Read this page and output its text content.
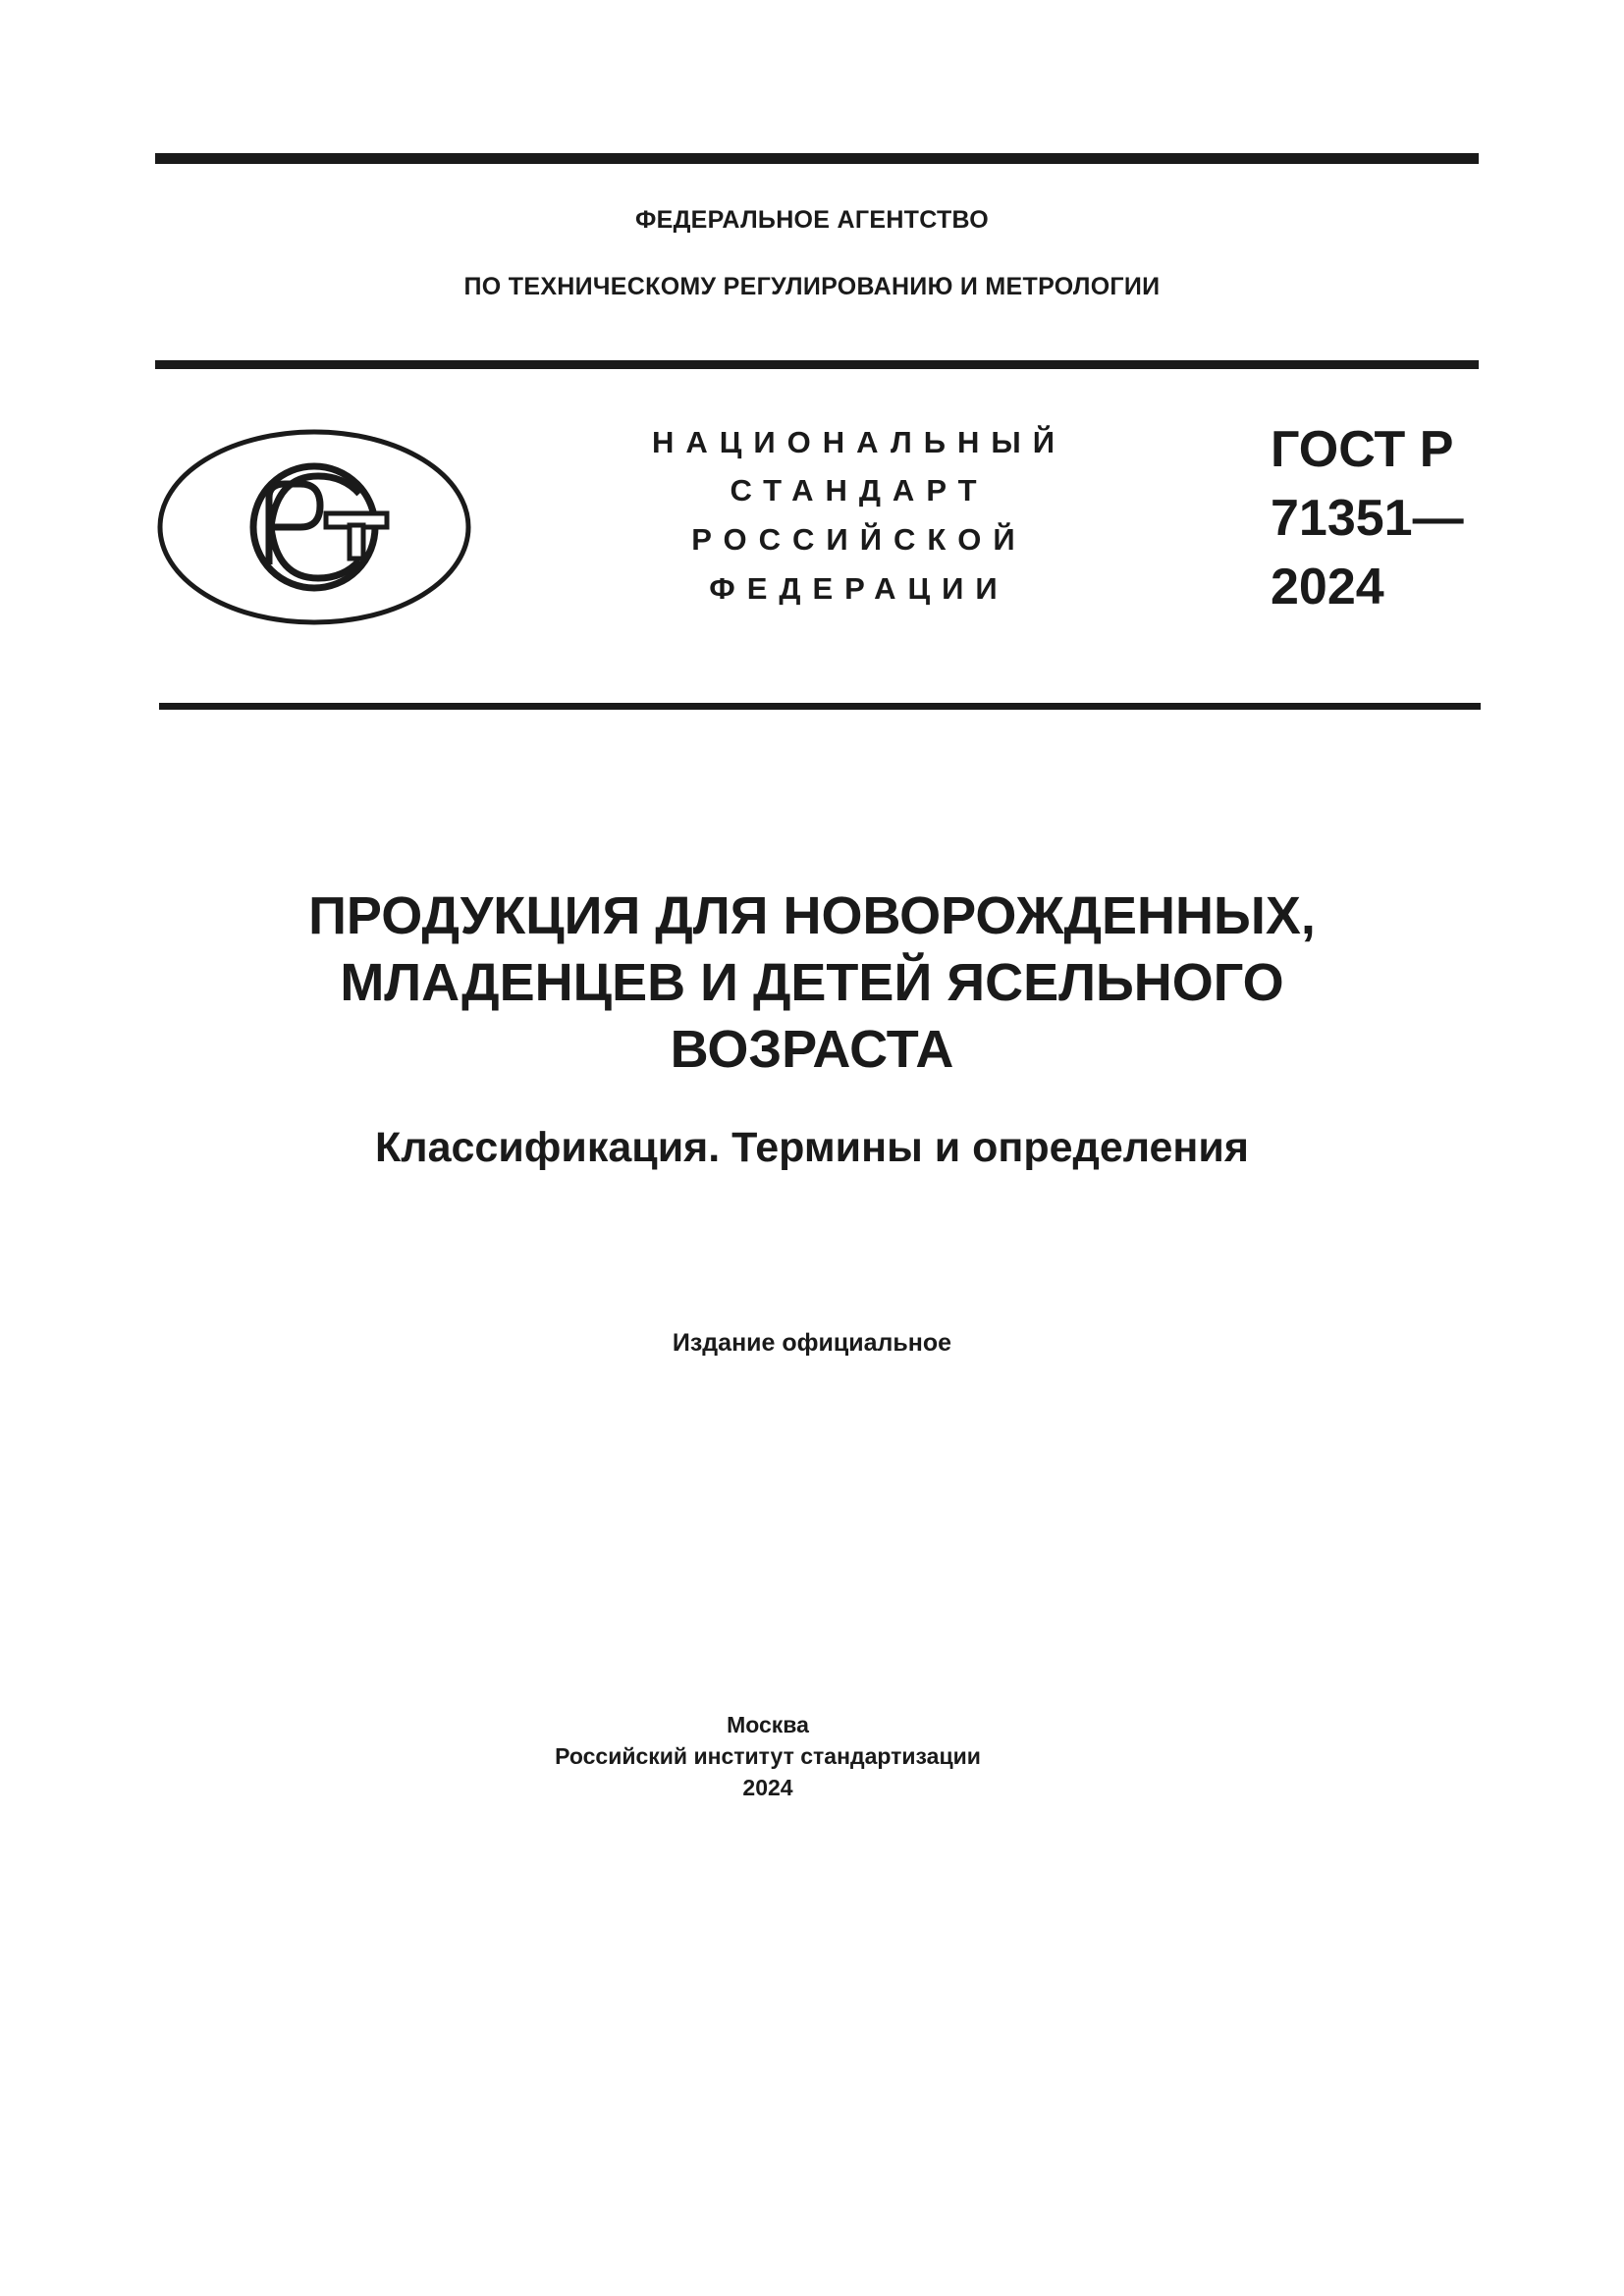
ФЕДЕРАЛЬНОЕ АГЕНТСТВО
ПО ТЕХНИЧЕСКОМУ РЕГУЛИРОВАНИЮ И МЕТРОЛОГИИ
НАЦИОНАЛЬНЫЙ
СТАНДАРТ
РОССИЙСКОЙ
ФЕДЕРАЦИИ
ГОСТ Р
71351—
2024
ПРОДУКЦИЯ ДЛЯ НОВОРОЖДЕННЫХ,
МЛАДЕНЦЕВ И ДЕТЕЙ ЯСЕЛЬНОГО
ВОЗРАСТА
Классификация. Термины и определения
Издание официальное
Москва
Российский институт стандартизации
2024
